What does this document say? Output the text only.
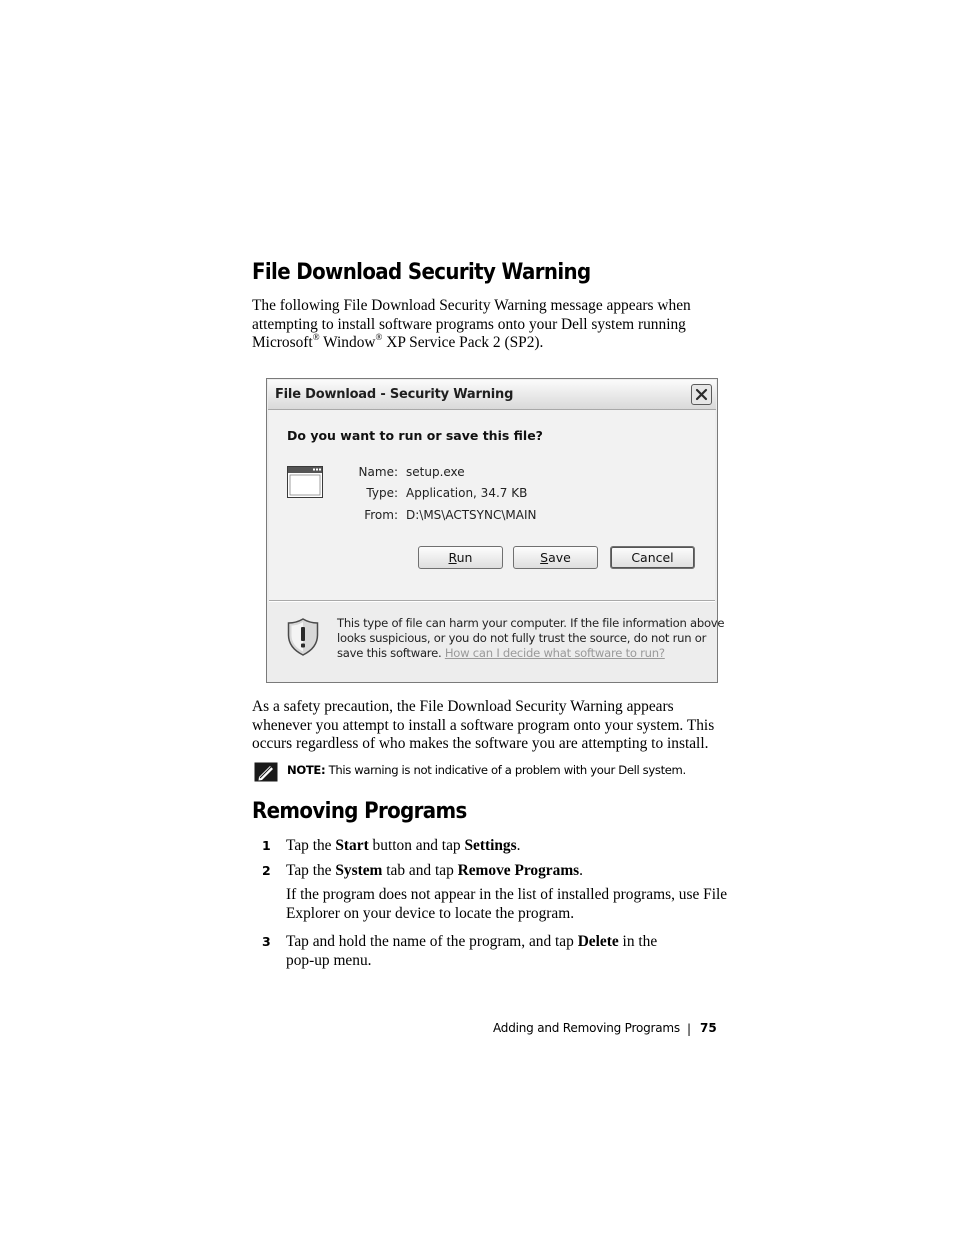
File Download Security Warning
The following File Download Security Warning message appears when
attempting to install software programs onto your Dell system running
Microsoft® Window® XP Service Pack 2 (SP2).
File Download - Security Warning
Do you want to run or save this file?
Name: setup.exe
Type: Application, 34.7 KB
From: D:\MS\ACTSYNC\MAIN
Run	Save	Cancel
This type of file can harm your computer. If the file information above
looks suspicious, or you do not fully trust the source, do not run or
save this software. How can I decide what software to run?
As a safety precaution, the File Download Security Warning appears
whenever you attempt to install a software program onto your system. This
occurs regardless of who makes the software you are attempting to install.
NOTE: This warning is not indicative of a problem with your Dell system.
Removing Programs
1 Tap the Start button and tap Settings.
2 Tap the System tab and tap Remove Programs.
If the program does not appear in the list of installed programs, use File
Explorer on your device to locate the program.
3 Tap and hold the name of the program, and tap Delete in the
pop-up menu.
Adding and Removing Programs | 75
